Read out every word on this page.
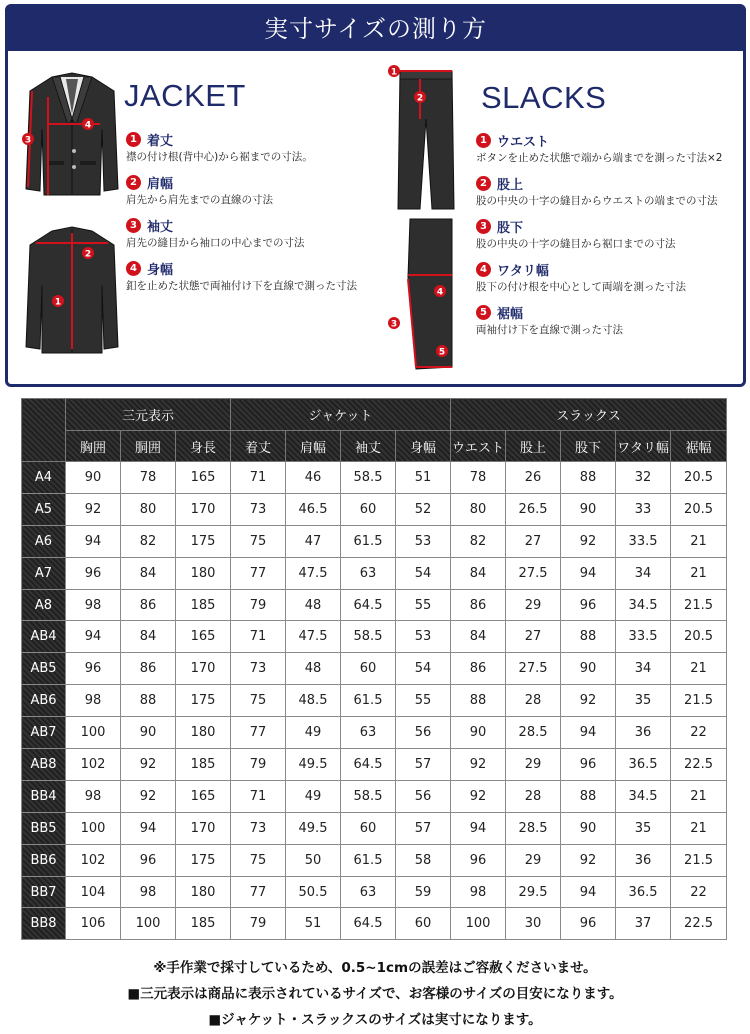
実寸サイズの測り方
4
3
2
1
JACKET
1 着丈
襟の付け根(背中心)から裾までの寸法。
2 肩幅
肩先から肩先までの直線の寸法
3 袖丈
肩先の縫目から袖口の中心までの寸法
4 身幅
釦を止めた状態で両袖付け下を直線で測った寸法
1
2
4
3
5
SLACKS
1 ウエスト
ボタンを止めた状態で端から端までを測った寸法×2
2 股上
股の中央の十字の縫目からウエストの端までの寸法
3 股下
股の中央の十字の縫目から裾口までの寸法
4 ワタリ幅
股下の付け根を中心として両端を測った寸法
5 裾幅
両袖付け下を直線で測った寸法
	三元表示			ジャケット				スラックス				
	胸囲	胴囲	身長	着丈	肩幅	袖丈	身幅	ウエスト	股上	股下	ワタリ幅	裾幅
A4	90	78	165	71	46	58.5	51	78	26	88	32	20.5
A5	92	80	170	73	46.5	60	52	80	26.5	90	33	20.5
A6	94	82	175	75	47	61.5	53	82	27	92	33.5	21
A7	96	84	180	77	47.5	63	54	84	27.5	94	34	21
A8	98	86	185	79	48	64.5	55	86	29	96	34.5	21.5
AB4	94	84	165	71	47.5	58.5	53	84	27	88	33.5	20.5
AB5	96	86	170	73	48	60	54	86	27.5	90	34	21
AB6	98	88	175	75	48.5	61.5	55	88	28	92	35	21.5
AB7	100	90	180	77	49	63	56	90	28.5	94	36	22
AB8	102	92	185	79	49.5	64.5	57	92	29	96	36.5	22.5
BB4	98	92	165	71	49	58.5	56	92	28	88	34.5	21
BB5	100	94	170	73	49.5	60	57	94	28.5	90	35	21
BB6	102	96	175	75	50	61.5	58	96	29	92	36	21.5
BB7	104	98	180	77	50.5	63	59	98	29.5	94	36.5	22
BB8	106	100	185	79	51	64.5	60	100	30	96	37	22.5
※手作業で採寸しているため、0.5~1cmの誤差はご容赦くださいませ。
■三元表示は商品に表示されているサイズで、お客様のサイズの目安になります。
■ジャケット・スラックスのサイズは実寸になります。
